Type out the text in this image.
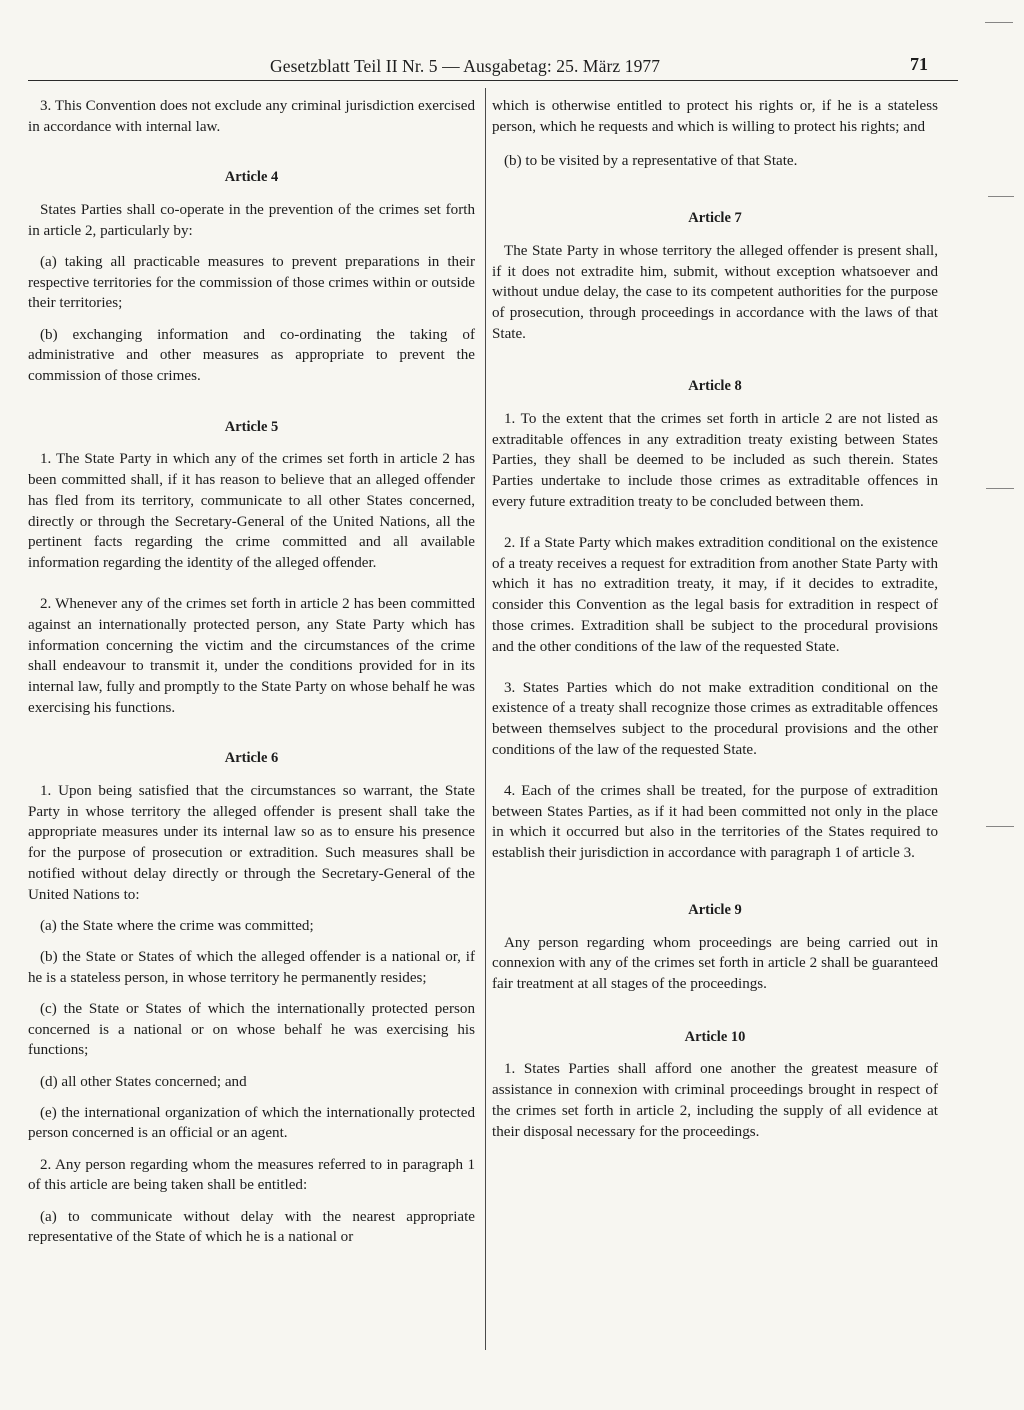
Gesetzblatt Teil II Nr. 5 — Ausgabetag: 25. März 1977	71

3. This Convention does not exclude any criminal jurisdiction exercised in accordance with internal law.

Article 4

States Parties shall co-operate in the prevention of the crimes set forth in article 2, particularly by:

(a) taking all practicable measures to prevent preparations in their respective territories for the commission of those crimes within or outside their territories;

(b) exchanging information and co-ordinating the taking of administrative and other measures as appropriate to prevent the commission of those crimes.

Article 5

1. The State Party in which any of the crimes set forth in article 2 has been committed shall, if it has reason to believe that an alleged offender has fled from its territory, communicate to all other States concerned, directly or through the Secretary-General of the United Nations, all the pertinent facts regarding the crime committed and all available information regarding the identity of the alleged offender.

2. Whenever any of the crimes set forth in article 2 has been committed against an internationally protected person, any State Party which has information concerning the victim and the circumstances of the crime shall endeavour to transmit it, under the conditions provided for in its internal law, fully and promptly to the State Party on whose behalf he was exercising his functions.

Article 6

1. Upon being satisfied that the circumstances so warrant, the State Party in whose territory the alleged offender is present shall take the appropriate measures under its internal law so as to ensure his presence for the purpose of prosecution or extradition. Such measures shall be notified without delay directly or through the Secretary-General of the United Nations to:

(a) the State where the crime was committed;

(b) the State or States of which the alleged offender is a national or, if he is a stateless person, in whose territory he permanently resides;

(c) the State or States of which the internationally protected person concerned is a national or on whose behalf he was exercising his functions;

(d) all other States concerned; and

(e) the international organization of which the internationally protected person concerned is an official or an agent.

2. Any person regarding whom the measures referred to in paragraph 1 of this article are being taken shall be entitled:

(a) to communicate without delay with the nearest appropriate representative of the State of which he is a national or

which is otherwise entitled to protect his rights or, if he is a stateless person, which he requests and which is willing to protect his rights; and

(b) to be visited by a representative of that State.

Article 7

The State Party in whose territory the alleged offender is present shall, if it does not extradite him, submit, without exception whatsoever and without undue delay, the case to its competent authorities for the purpose of prosecution, through proceedings in accordance with the laws of that State.

Article 8

1. To the extent that the crimes set forth in article 2 are not listed as extraditable offences in any extradition treaty existing between States Parties, they shall be deemed to be included as such therein. States Parties undertake to include those crimes as extraditable offences in every future extradition treaty to be concluded between them.

2. If a State Party which makes extradition conditional on the existence of a treaty receives a request for extradition from another State Party with which it has no extradition treaty, it may, if it decides to extradite, consider this Convention as the legal basis for extradition in respect of those crimes. Extradition shall be subject to the procedural provisions and the other conditions of the law of the requested State.

3. States Parties which do not make extradition conditional on the existence of a treaty shall recognize those crimes as extraditable offences between themselves subject to the procedural provisions and the other conditions of the law of the requested State.

4. Each of the crimes shall be treated, for the purpose of extradition between States Parties, as if it had been committed not only in the place in which it occurred but also in the territories of the States required to establish their jurisdiction in accordance with paragraph 1 of article 3.

Article 9

Any person regarding whom proceedings are being carried out in connexion with any of the crimes set forth in article 2 shall be guaranteed fair treatment at all stages of the proceedings.

Article 10

1. States Parties shall afford one another the greatest measure of assistance in connexion with criminal proceedings brought in respect of the crimes set forth in article 2, including the supply of all evidence at their disposal necessary for the proceedings.
